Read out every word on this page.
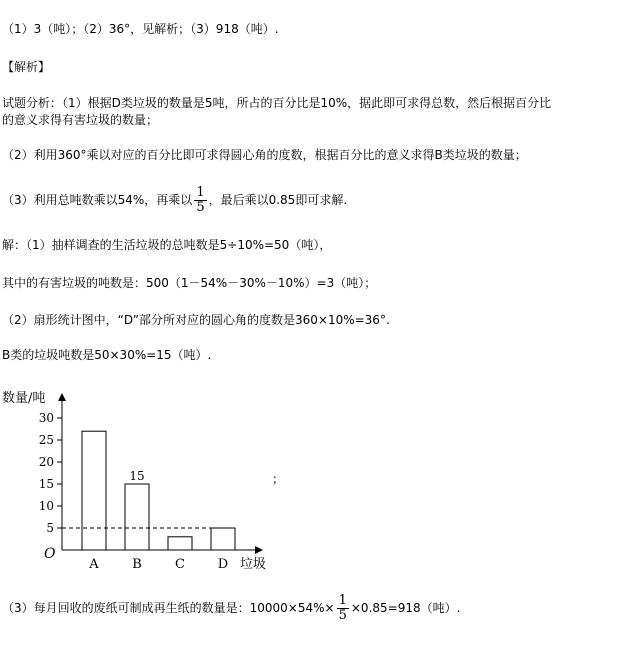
（1）3（吨）；（2）36°，见解析；（3）918（吨）.
【解析】
试题分析：（1）根据D类垃圾的数量是5吨，所占的百分比是10%，据此即可求得总数，然后根据百分比
的意义求得有害垃圾的数量；
（2）利用360°乘以对应的百分比即可求得圆心角的度数，根据百分比的意义求得B类垃圾的数量；
（3）利用总吨数乘以54%，再乘以 $\frac{1}{5}$ ，最后乘以0.85即可求解.
解：（1）抽样调查的生活垃圾的总吨数是5÷10%=50（吨），
其中的有害垃圾的吨数是：500（1－54%－30%－10%）=3（吨）；
（2）扇形统计图中，“D”部分所对应的圆心角的度数是360×10%=36°.
B类的垃圾吨数是50×30%=15（吨）.
数量/吨
O
垃圾
5
10
15
20
25
30
A	B	C	D
15	；
（3）每月回收的废纸可制成再生纸的数量是：$10000\times 54\%\times \frac{1}{5} \times 0.85=918$（吨）.
